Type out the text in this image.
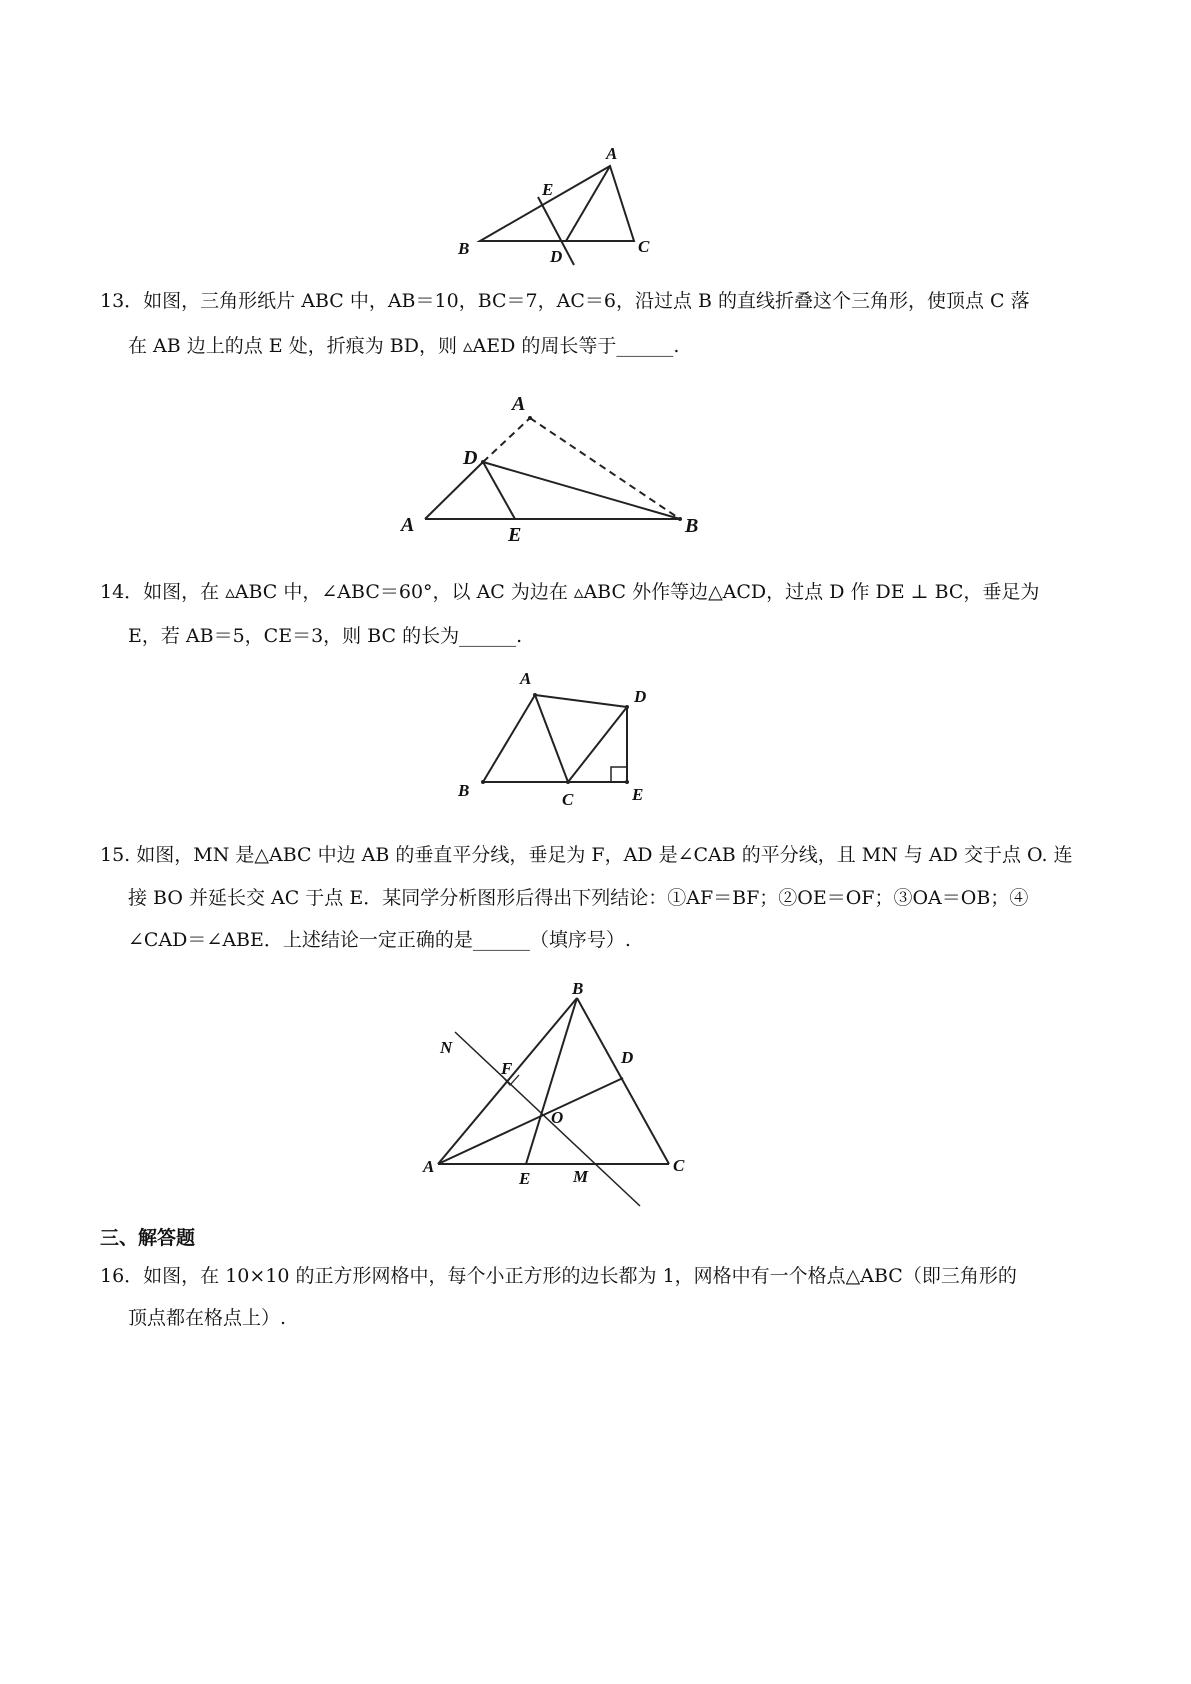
A
E
B	C
D
13．如图，三角形纸片 ABC 中，AB＝10，BC＝7，AC＝6，沿过点 B 的直线折叠这个三角形，使顶点 C 落
在 AB 边上的点 E 处，折痕为 BD，则 ▵AED 的周长等于______.
A
D
A	E	B
14．如图，在 ▵ABC 中，∠ABC＝60°，以 AC 为边在 ▵ABC 外作等边△ACD，过点 D 作 DE ⊥ BC，垂足为
E，若 AB＝5，CE＝3，则 BC 的长为______.
A
D
B	C	E
15. 如图，MN 是△ABC 中边 AB 的垂直平分线，垂足为 F，AD 是∠CAB 的平分线，且 MN 与 AD 交于点 O. 连
接 BO 并延长交 AC 于点 E．某同学分析图形后得出下列结论：①AF＝BF；②OE＝OF；③OA＝OB；④
∠CAD＝∠ABE．上述结论一定正确的是______（填序号）.
B
N
F
D
O
A
E	M
C
三、解答题
16．如图，在 10×10 的正方形网格中，每个小正方形的边长都为 1，网格中有一个格点△ABC（即三角形的
顶点都在格点上）.
